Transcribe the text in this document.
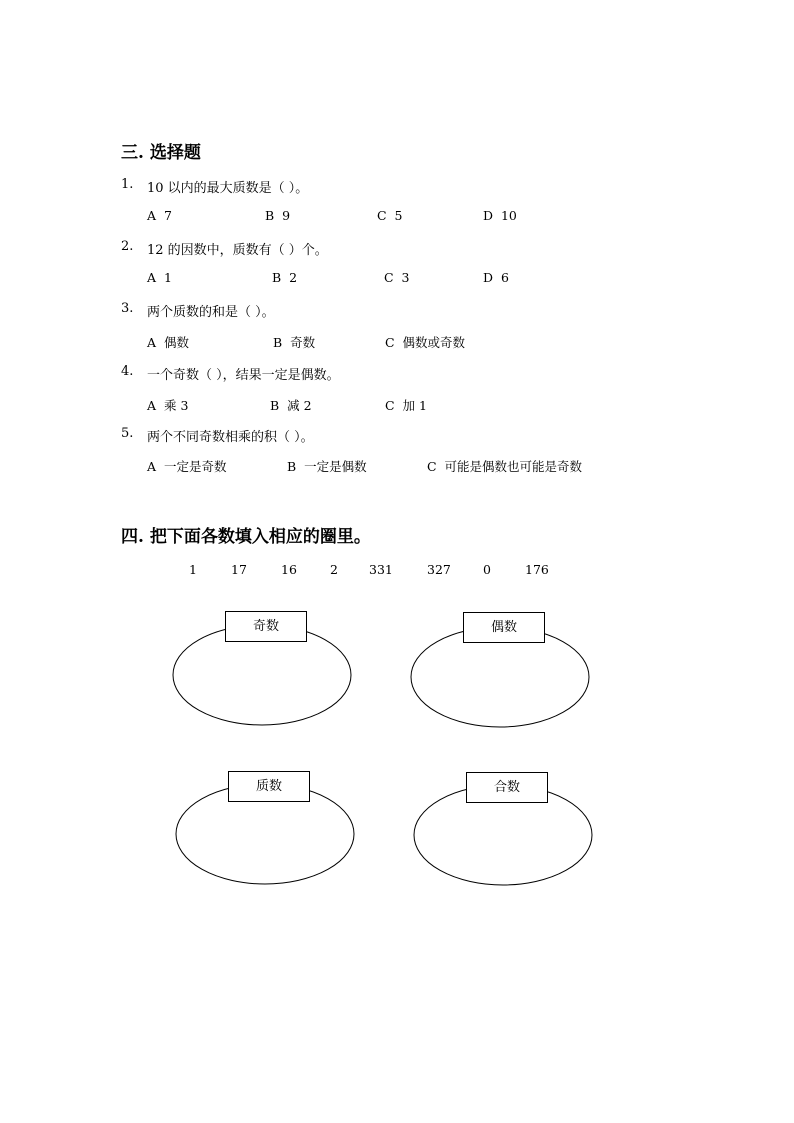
三. 选择题
1. 10 以内的最大质数是（ ）。
A 7	B 9	C 5	D 10
2. 12 的因数中，质数有（ ）个。
A 1	B 2	C 3	D 6
3. 两个质数的和是（ ）。
A 偶数	B 奇数	C 偶数或奇数
4. 一个奇数（ ），结果一定是偶数。
A 乘 3	B 减 2	C 加 1
5. 两个不同奇数相乘的积（ ）。
A 一定是奇数	B 一定是偶数	C 可能是偶数也可能是奇数
四. 把下面各数填入相应的圈里。
1	17	16	2 331	327	0	176
奇数	偶数
质数	合数
